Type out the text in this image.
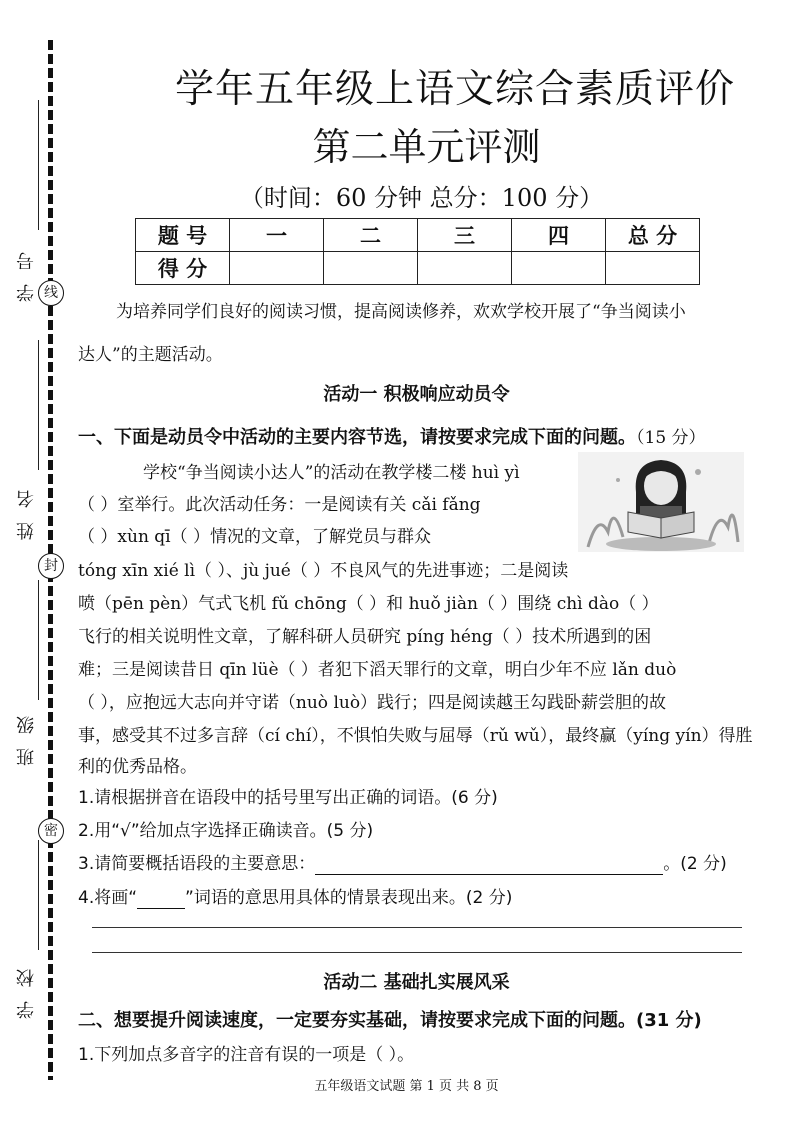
学号
姓名
班级
学校
线
封
密
学年五年级上语文综合素质评价
第二单元评测
（时间：60 分钟 总分：100 分）
题 号	一	二	三	四	总 分
得 分					
为培养同学们良好的阅读习惯，提高阅读修养，欢欢学校开展了“争当阅读小
达人”的主题活动。
活动一 积极响应动员令
一、下面是动员令中活动的主要内容节选，请按要求完成下面的问题。（15 分）
学校“争当阅读小达人”的活动在教学楼二楼 huì yì
（ ）室举行。此次活动任务：一是阅读有关 cǎi fǎng
（ ）xùn qī（ ）情况的文章，了解党员与群众
tóng xīn xié lì（ ）、jù jué（ ）不良风气的先进事迹；二是阅读
喷（pēn pèn）气式飞机 fǔ chōng（ ）和 huǒ jiàn（ ）围绕 chì dào（ ）
飞行的相关说明性文章，了解科研人员研究 píng héng（ ）技术所遇到的困
难；三是阅读昔日 qīn lüè（ ）者犯下滔天罪行的文章，明白少年不应 lǎn duò
（ ），应抱远大志向并守诺（nuò luò）践行；四是阅读越王勾践卧薪尝胆的故
事，感受其不过多言辞（cí chí），不惧怕失败与屈辱（rǔ wǔ），最终赢（yíng yín）得胜
利的优秀品格。
1.请根据拼音在语段中的括号里写出正确的词语。(6 分)
2.用“√”给加点字选择正确读音。(5 分)
3.请简要概括语段的主要意思：	。(2 分)
4.将画“	”词语的意思用具体的情景表现出来。(2 分)
活动二 基础扎实展风采
二、想要提升阅读速度，一定要夯实基础，请按要求完成下面的问题。(31 分)
1.下列加点多音字的注音有误的一项是（ ）。
五年级语文试题 第 1 页 共 8 页
